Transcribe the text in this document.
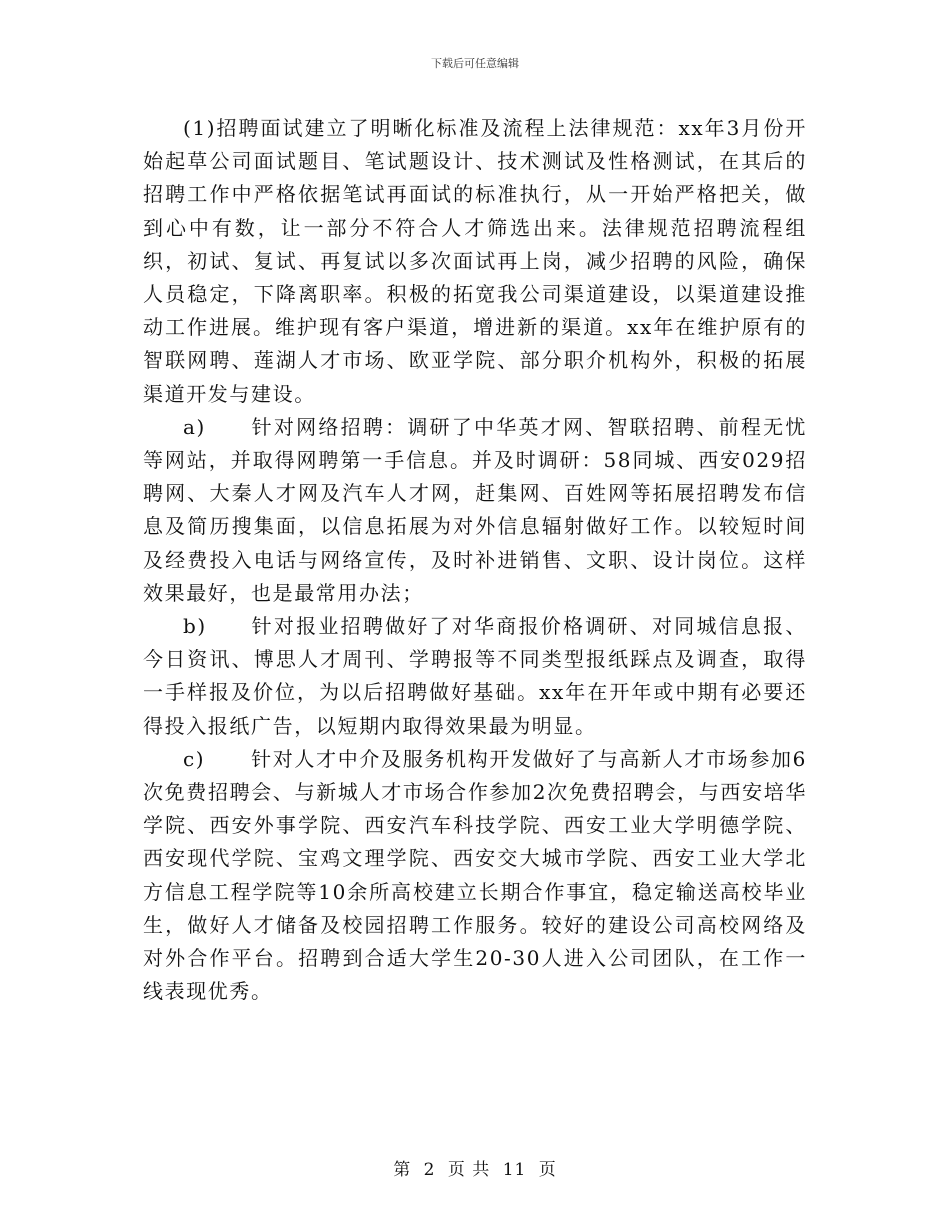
下载后可任意编辑

(1)招聘面试建立了明晰化标准及流程上法律规范：xx年3月份开始起草公司面试题目、笔试题设计、技术测试及性格测试，在其后的招聘工作中严格依据笔试再面试的标准执行，从一开始严格把关，做到心中有数，让一部分不符合人才筛选出来。法律规范招聘流程组织，初试、复试、再复试以多次面试再上岗，减少招聘的风险，确保人员稳定，下降离职率。积极的拓宽我公司渠道建设，以渠道建设推动工作进展。维护现有客户渠道，增进新的渠道。xx年在维护原有的智联网聘、莲湖人才市场、欧亚学院、部分职介机构外，积极的拓展渠道开发与建设。

a) 针对网络招聘：调研了中华英才网、智联招聘、前程无忧等网站，并取得网聘第一手信息。并及时调研：58同城、西安029招聘网、大秦人才网及汽车人才网，赶集网、百姓网等拓展招聘发布信息及简历搜集面，以信息拓展为对外信息辐射做好工作。以较短时间及经费投入电话与网络宣传，及时补进销售、文职、设计岗位。这样效果最好，也是最常用办法；

b) 针对报业招聘做好了对华商报价格调研、对同城信息报、今日资讯、博思人才周刊、学聘报等不同类型报纸踩点及调查，取得一手样报及价位，为以后招聘做好基础。xx年在开年或中期有必要还得投入报纸广告，以短期内取得效果最为明显。

c) 针对人才中介及服务机构开发做好了与高新人才市场参加6次免费招聘会、与新城人才市场合作参加2次免费招聘会，与西安培华学院、西安外事学院、西安汽车科技学院、西安工业大学明德学院、西安现代学院、宝鸡文理学院、西安交大城市学院、西安工业大学北方信息工程学院等10余所高校建立长期合作事宜，稳定输送高校毕业生，做好人才储备及校园招聘工作服务。较好的建设公司高校网络及对外合作平台。招聘到合适大学生20-30人进入公司团队，在工作一线表现优秀。

第 2 页 共 11 页
